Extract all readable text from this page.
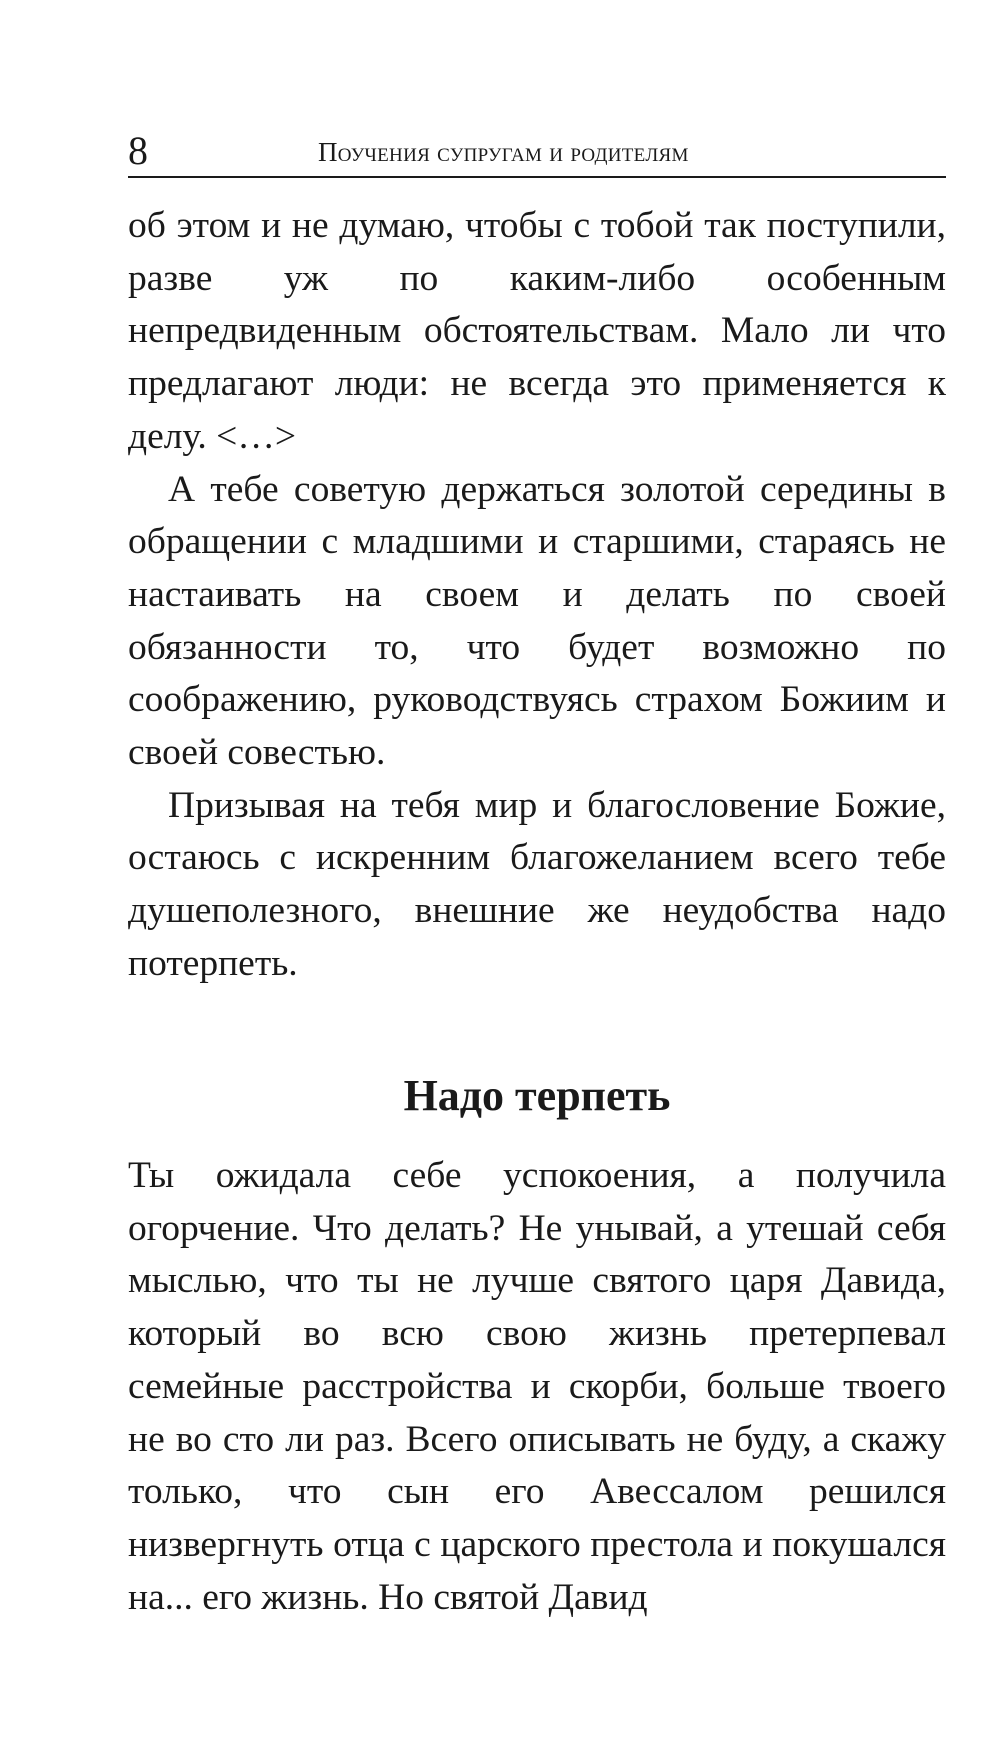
8	Поучения супругам и родителям

об этом и не думаю, чтобы с тобой так поступили, разве уж по каким-либо особенным непредвиденным обстоятельствам. Мало ли что предлагают люди: не всегда это применяется к делу. <…>

А тебе советую держаться золотой середины в обращении с младшими и старшими, стараясь не настаивать на своем и делать по своей обязанности то, что будет возможно по соображению, руководствуясь страхом Божиим и своей совестью.

Призывая на тебя мир и благословение Божие, остаюсь с искренним благожеланием всего тебе душеполезного, внешние же неудобства надо потерпеть.

Надо терпеть

Ты ожидала себе успокоения, а получила огорчение. Что делать? Не унывай, а утешай себя мыслью, что ты не лучше святого царя Давида, который во всю свою жизнь претерпевал семейные расстройства и скорби, больше твоего не во сто ли раз. Всего описывать не буду, а скажу только, что сын его Авессалом решился низвергнуть отца с царского престола и покушался на... его жизнь. Но святой Давид
